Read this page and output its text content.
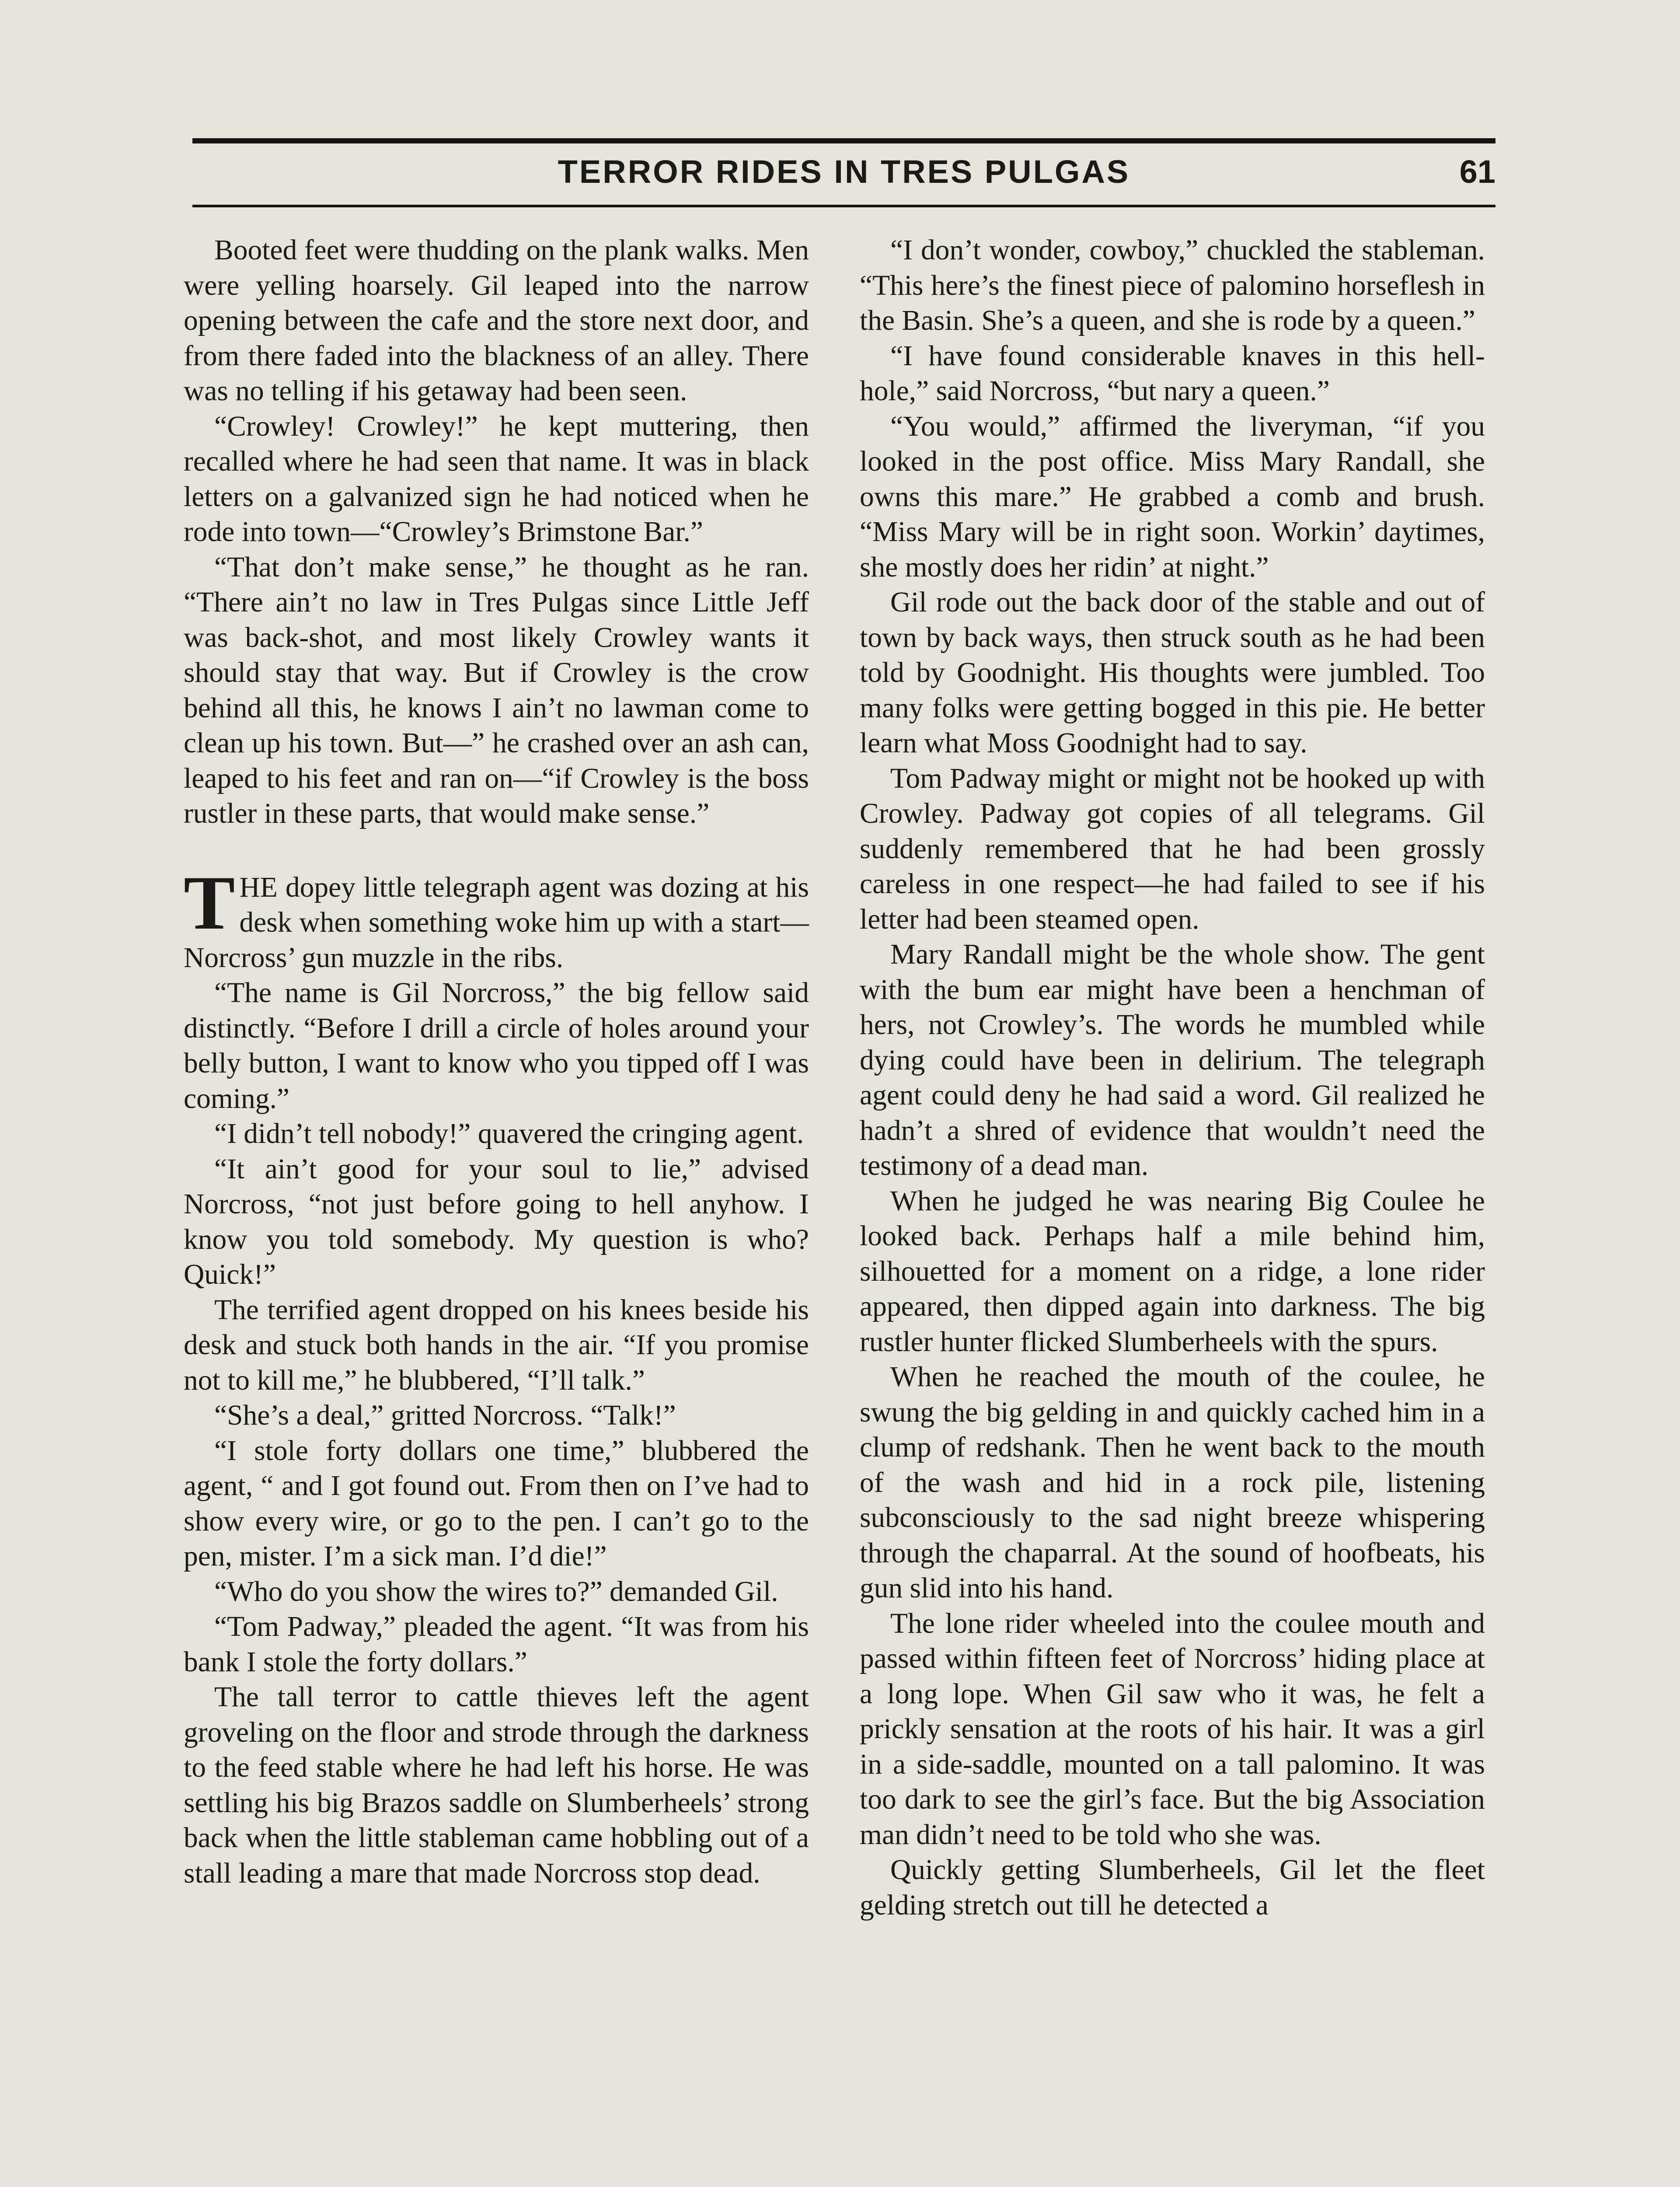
TERROR RIDES IN TRES PULGAS	61

Booted feet were thudding on the plank walks. Men were yelling hoarsely. Gil leaped into the narrow opening between the cafe and the store next door, and from there faded into the blackness of an alley. There was no telling if his getaway had been seen.

“Crowley! Crowley!” he kept muttering, then recalled where he had seen that name. It was in black letters on a galvanized sign he had noticed when he rode into town—“Crowley’s Brimstone Bar.”

“That don’t make sense,” he thought as he ran. “There ain’t no law in Tres Pulgas since Little Jeff was back-shot, and most likely Crowley wants it should stay that way. But if Crowley is the crow behind all this, he knows I ain’t no lawman come to clean up his town. But—” he crashed over an ash can, leaped to his feet and ran on—“if Crowley is the boss rustler in these parts, that would make sense.”

THE dopey little telegraph agent was dozing at his desk when something woke him up with a start—Norcross’ gun muzzle in the ribs.

“The name is Gil Norcross,” the big fellow said distinctly. “Before I drill a circle of holes around your belly button, I want to know who you tipped off I was coming.”

“I didn’t tell nobody!” quavered the cringing agent.

“It ain’t good for your soul to lie,” advised Norcross, “not just before going to hell anyhow. I know you told somebody. My question is who? Quick!”

The terrified agent dropped on his knees beside his desk and stuck both hands in the air. “If you promise not to kill me,” he blubbered, “I’ll talk.”

“She’s a deal,” gritted Norcross. “Talk!”

“I stole forty dollars one time,” blubbered the agent, “ and I got found out. From then on I’ve had to show every wire, or go to the pen. I can’t go to the pen, mister. I’m a sick man. I’d die!”

“Who do you show the wires to?” demanded Gil.

“Tom Padway,” pleaded the agent. “It was from his bank I stole the forty dollars.”

The tall terror to cattle thieves left the agent groveling on the floor and strode through the darkness to the feed stable where he had left his horse. He was settling his big Brazos saddle on Slumberheels’ strong back when the little stableman came hobbling out of a stall leading a mare that made Norcross stop dead.

“I don’t wonder, cowboy,” chuckled the stableman. “This here’s the finest piece of palomino horseflesh in the Basin. She’s a queen, and she is rode by a queen.”

“I have found considerable knaves in this hell-hole,” said Norcross, “but nary a queen.”

“You would,” affirmed the liveryman, “if you looked in the post office. Miss Mary Randall, she owns this mare.” He grabbed a comb and brush. “Miss Mary will be in right soon. Workin’ daytimes, she mostly does her ridin’ at night.”

Gil rode out the back door of the stable and out of town by back ways, then struck south as he had been told by Goodnight. His thoughts were jumbled. Too many folks were getting bogged in this pie. He better learn what Moss Goodnight had to say.

Tom Padway might or might not be hooked up with Crowley. Padway got copies of all telegrams. Gil suddenly remembered that he had been grossly careless in one respect—he had failed to see if his letter had been steamed open.

Mary Randall might be the whole show. The gent with the bum ear might have been a henchman of hers, not Crowley’s. The words he mumbled while dying could have been in delirium. The telegraph agent could deny he had said a word. Gil realized he hadn’t a shred of evidence that wouldn’t need the testimony of a dead man.

When he judged he was nearing Big Coulee he looked back. Perhaps half a mile behind him, silhouetted for a moment on a ridge, a lone rider appeared, then dipped again into darkness. The big rustler hunter flicked Slumberheels with the spurs.

When he reached the mouth of the coulee, he swung the big gelding in and quickly cached him in a clump of redshank. Then he went back to the mouth of the wash and hid in a rock pile, listening subconsciously to the sad night breeze whispering through the chaparral. At the sound of hoofbeats, his gun slid into his hand.

The lone rider wheeled into the coulee mouth and passed within fifteen feet of Norcross’ hiding place at a long lope. When Gil saw who it was, he felt a prickly sensation at the roots of his hair. It was a girl in a side-saddle, mounted on a tall palomino. It was too dark to see the girl’s face. But the big Association man didn’t need to be told who she was.

Quickly getting Slumberheels, Gil let the fleet gelding stretch out till he detected a
